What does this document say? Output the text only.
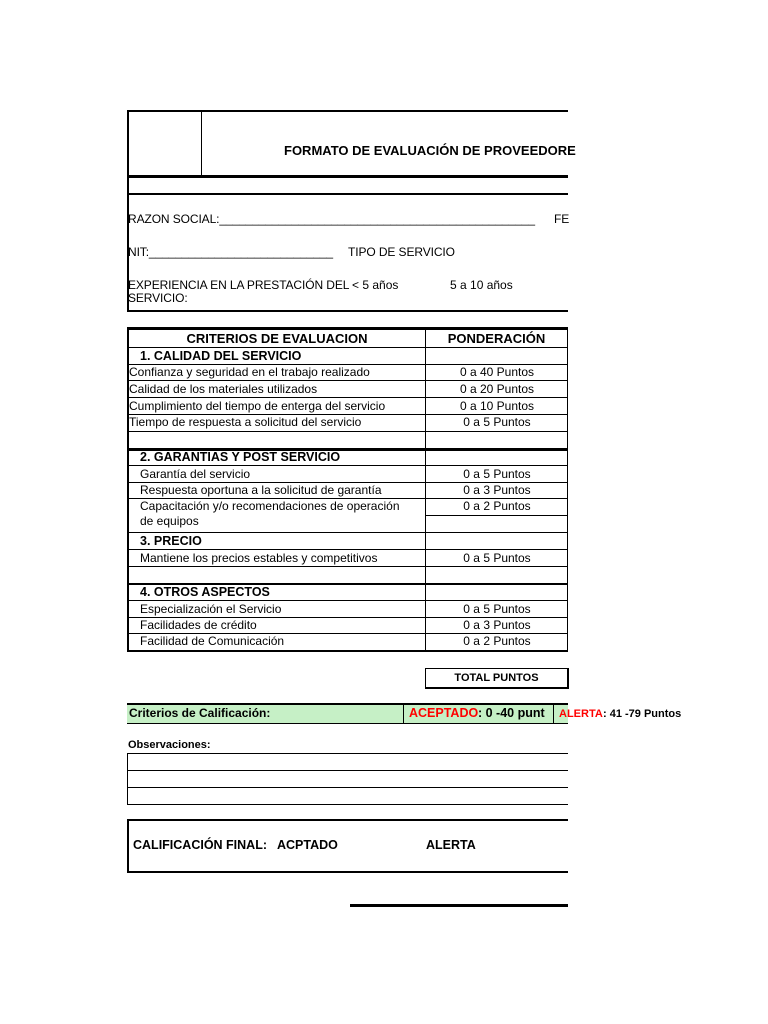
FORMATO DE EVALUACIÓN DE PROVEEDORE
RAZON SOCIAL:________________________________________________ FE
NIT:____________________________ TIPO DE SERVICIO
EXPERIENCIA EN LA PRESTACIÓN DEL
SERVICIO:
< 5 años	5 a 10 años
CRITERIOS DE EVALUACION	PONDERACIÓN
1. CALIDAD DEL SERVICIO
Confianza y seguridad en el trabajo realizado	0 a 40 Puntos
Calidad de los materiales utilizados	0 a 20 Puntos
Cumplimiento del tiempo de enterga del servicio	0 a 10 Puntos
Tiempo de respuesta a solicitud del servicio	0 a 5 Puntos
2. GARANTIAS Y POST SERVICIO
Garantía del servicio	0 a 5 Puntos
Respuesta oportuna a la solicitud de garantía	0 a 3 Puntos
Capacitación y/o recomendaciones de operación	0 a 2 Puntos
de equipos
3. PRECIO
Mantiene los precios estables y competitivos	0 a 5 Puntos
4. OTROS ASPECTOS
Especialización el Servicio	0 a 5 Puntos
Facilidades de crédito	0 a 3 Puntos
Facilidad de Comunicación	0 a 2 Puntos
TOTAL PUNTOS
Criterios de Calificación:	ACEPTADO : 0 -40 punt	ALERTA : 41 -79 Puntos
Observaciones:
CALIFICACIÓN FINAL: ACPTADO	ALERTA
